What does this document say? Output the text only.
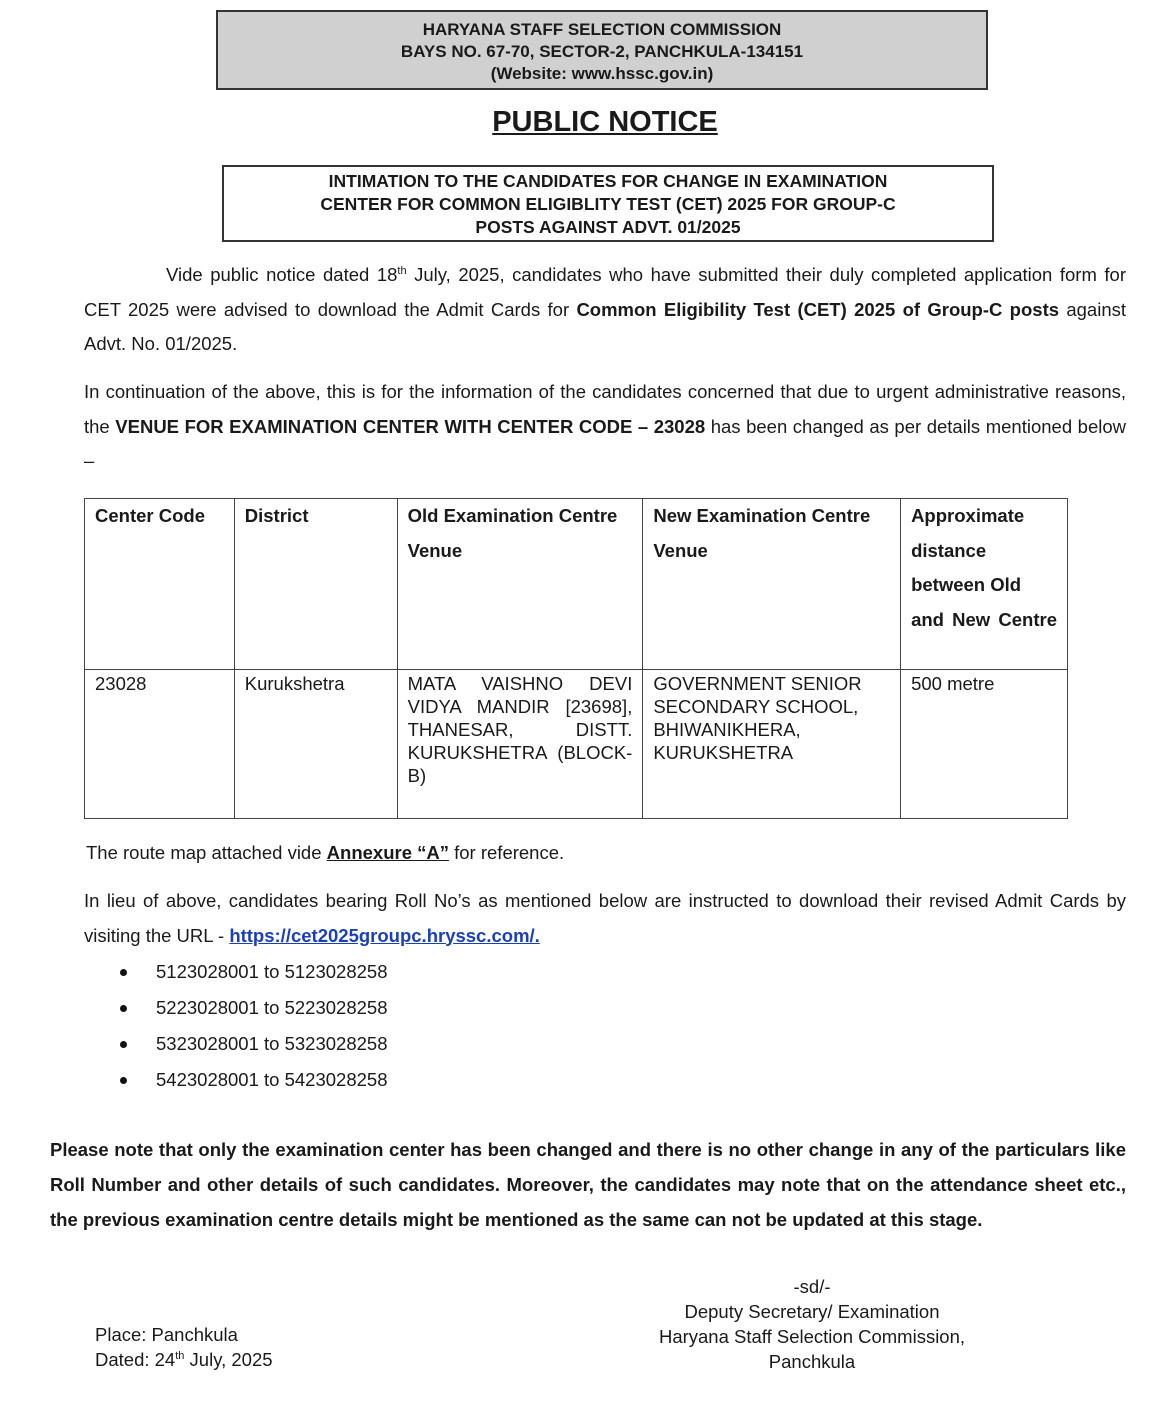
HARYANA STAFF SELECTION COMMISSION
BAYS NO. 67-70, SECTOR-2, PANCHKULA-134151
(Website: www.hssc.gov.in)
PUBLIC NOTICE
INTIMATION TO THE CANDIDATES FOR CHANGE IN EXAMINATION
CENTER FOR COMMON ELIGIBLITY TEST (CET) 2025 FOR GROUP-C
POSTS AGAINST ADVT. 01/2025

Vide public notice dated 18th July, 2025, candidates who have submitted their duly completed application form for CET 2025 were advised to download the Admit Cards for Common Eligibility Test (CET) 2025 of Group-C posts against Advt. No. 01/2025.

In continuation of the above, this is for the information of the candidates concerned that due to urgent administrative reasons, the VENUE FOR EXAMINATION CENTER WITH CENTER CODE – 23028 has been changed as per details mentioned below –

Center Code	District	Old Examination Centre Venue	New Examination Centre Venue	Approximate distance between Old and New Centre
23028	Kurukshetra	MATA VAISHNO DEVI VIDYA MANDIR [23698], THANESAR, DISTT. KURUKSHETRA (BLOCK-B)	GOVERNMENT SENIOR SECONDARY SCHOOL, BHIWANIKHERA, KURUKSHETRA	500 metre
The route map attached vide Annexure “A” for reference.

In lieu of above, candidates bearing Roll No’s as mentioned below are instructed to download their revised Admit Cards by visiting the URL - https://cet2025groupc.hryssc.com/.

5123028001 to 5123028258
5223028001 to 5223028258
5323028001 to 5323028258
5423028001 to 5423028258

Please note that only the examination center has been changed and there is no other change in any of the particulars like Roll Number and other details of such candidates. Moreover, the candidates may note that on the attendance sheet etc., the previous examination centre details might be mentioned as the same can not be updated at this stage.

-sd/-
Deputy Secretary/ Examination
Haryana Staff Selection Commission,
Panchkula
Place: Panchkula
Dated: 24th July, 2025
